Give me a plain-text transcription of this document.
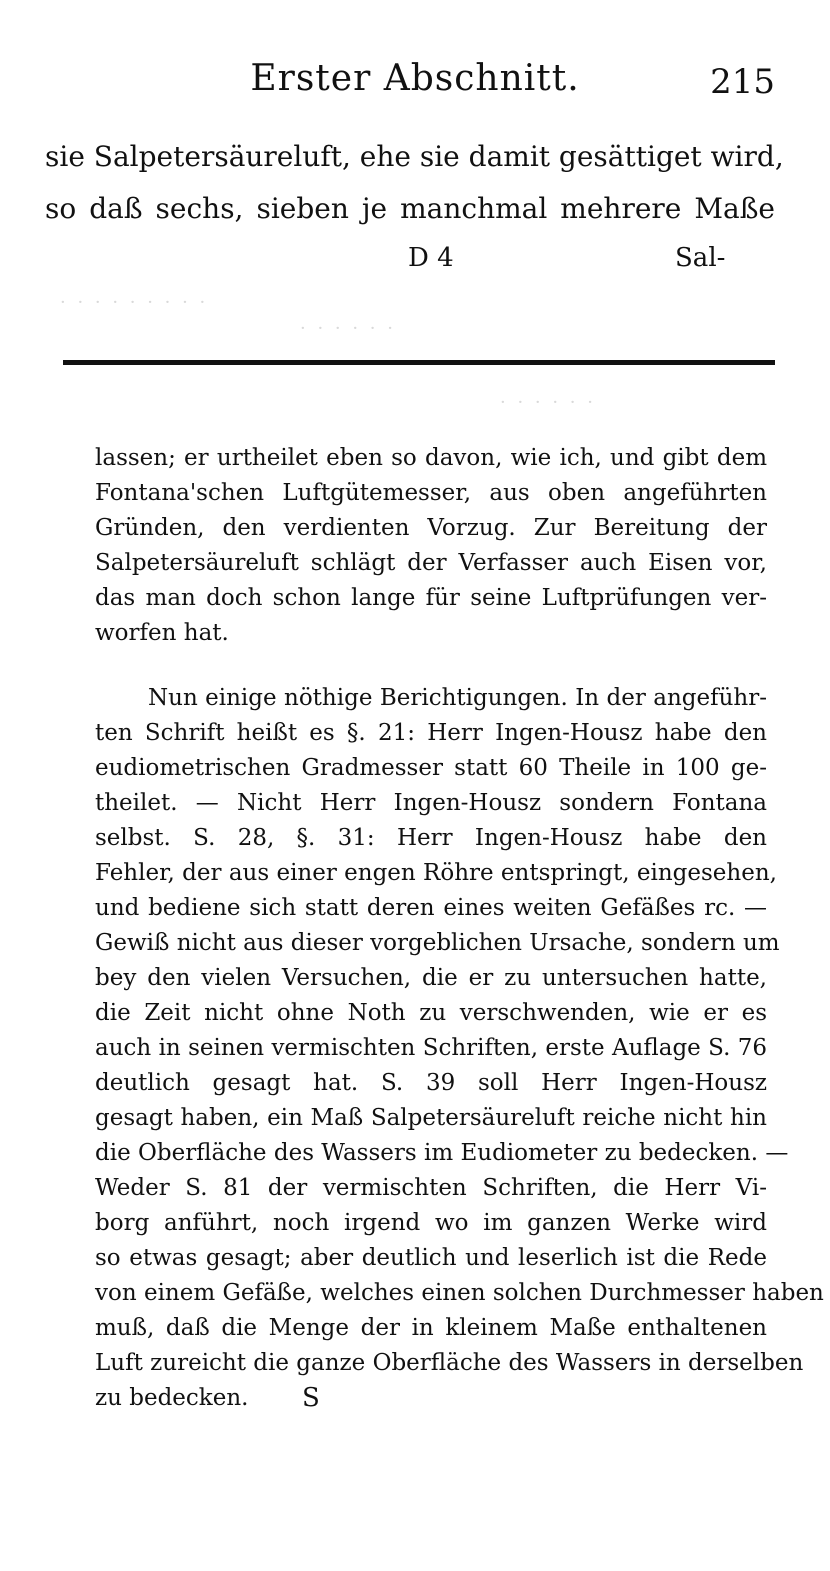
Erster Abschnitt.	215
sie Salpetersäureluft, ehe sie damit gesättiget wird,
so daß sechs, sieben je manchmal mehrere Maße
D 4	Sal-
· · · · · · · · ·
· · · · · ·
· · · · · ·
lassen; er urtheilet eben so davon, wie ich, und gibt dem
Fontana'schen Luftgütemesser, aus oben angeführten
Gründen, den verdienten Vorzug. Zur Bereitung der
Salpetersäureluft schlägt der Verfasser auch Eisen vor,
das man doch schon lange für seine Luftprüfungen ver-
worfen hat.
Nun einige nöthige Berichtigungen. In der angeführ-
ten Schrift heißt es §. 21: Herr Ingen-Housz habe den
eudiometrischen Gradmesser statt 60 Theile in 100 ge-
theilet. — Nicht Herr Ingen-Housz sondern Fontana
selbst. S. 28, §. 31: Herr Ingen-Housz habe den
Fehler, der aus einer engen Röhre entspringt, eingesehen,
und bediene sich statt deren eines weiten Gefäßes rc. —
Gewiß nicht aus dieser vorgeblichen Ursache, sondern um
bey den vielen Versuchen, die er zu untersuchen hatte,
die Zeit nicht ohne Noth zu verschwenden, wie er es
auch in seinen vermischten Schriften, erste Auflage S. 76
deutlich gesagt hat. S. 39 soll Herr Ingen-Housz
gesagt haben, ein Maß Salpetersäureluft reiche nicht hin
die Oberfläche des Wassers im Eudiometer zu bedecken. —
Weder S. 81 der vermischten Schriften, die Herr Vi-
borg anführt, noch irgend wo im ganzen Werke wird
so etwas gesagt; aber deutlich und leserlich ist die Rede
von einem Gefäße, welches einen solchen Durchmesser haben
muß, daß die Menge der in kleinem Maße enthaltenen
Luft zureicht die ganze Oberfläche des Wassers in derselben
zu bedecken. S
